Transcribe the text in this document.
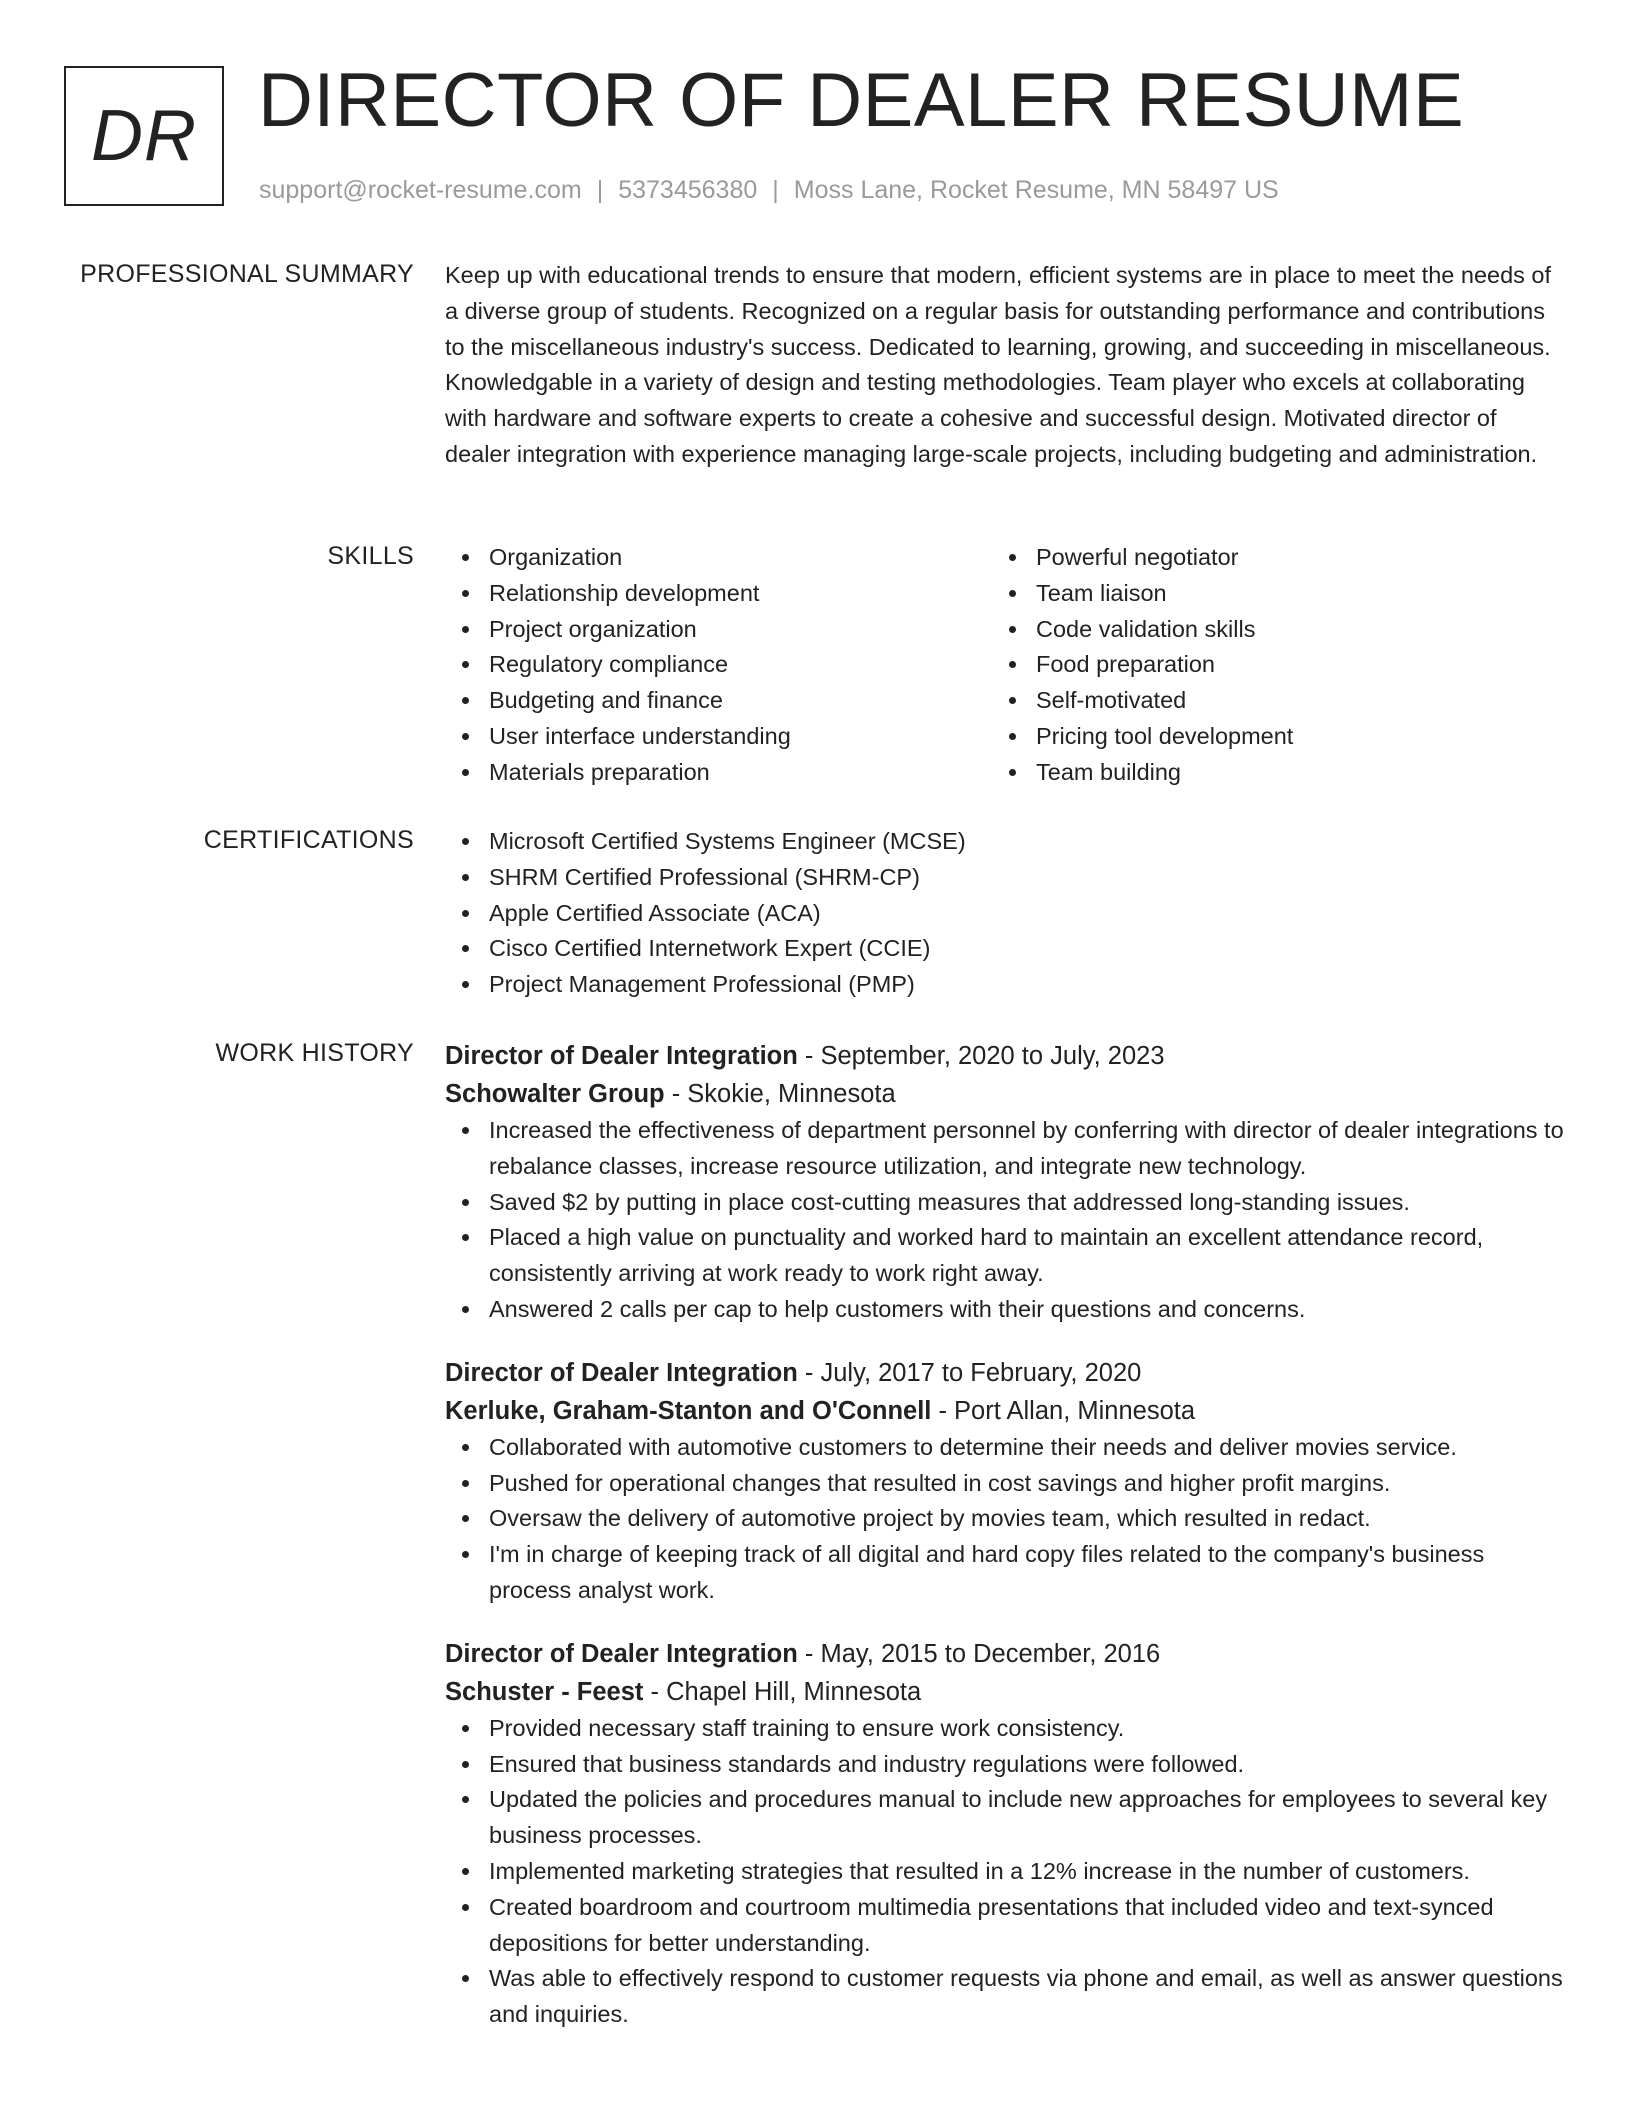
DR DIRECTOR OF DEALER RESUME
support@rocket-resume.com | 5373456380 | Moss Lane, Rocket Resume, MN 58497 US
PROFESSIONAL SUMMARY Keep up with educational trends to ensure that modern, efficient systems are in place to meet the needs of a diverse group of students. Recognized on a regular basis for outstanding performance and contributions to the miscellaneous industry's success. Dedicated to learning, growing, and succeeding in miscellaneous. Knowledgable in a variety of design and testing methodologies. Team player who excels at collaborating with hardware and software experts to create a cohesive and successful design. Motivated director of dealer integration with experience managing large-scale projects, including budgeting and administration.

SKILLS	Organization
Relationship development
Project organization
Regulatory compliance
Budgeting and finance
User interface understanding
Materials preparation
Powerful negotiator
Team liaison
Code validation skills
Food preparation
Self-motivated
Pricing tool development
Team building
CERTIFICATIONS	Microsoft Certified Systems Engineer (MCSE)
SHRM Certified Professional (SHRM-CP)
Apple Certified Associate (ACA)
Cisco Certified Internetwork Expert (CCIE)
Project Management Professional (PMP)
WORK HISTORY Director of Dealer Integration - September, 2020 to July, 2023
Schowalter Group - Skokie, Minnesota
Increased the effectiveness of department personnel by conferring with director of dealer integrations to rebalance classes, increase resource utilization, and integrate new technology.
Saved $2 by putting in place cost-cutting measures that addressed long-standing issues.
Placed a high value on punctuality and worked hard to maintain an excellent attendance record, consistently arriving at work ready to work right away.
Answered 2 calls per cap to help customers with their questions and concerns.
Director of Dealer Integration - July, 2017 to February, 2020
Kerluke, Graham-Stanton and O'Connell - Port Allan, Minnesota
Collaborated with automotive customers to determine their needs and deliver movies service.
Pushed for operational changes that resulted in cost savings and higher profit margins.
Oversaw the delivery of automotive project by movies team, which resulted in redact.
I'm in charge of keeping track of all digital and hard copy files related to the company's business process analyst work.
Director of Dealer Integration - May, 2015 to December, 2016
Schuster - Feest - Chapel Hill, Minnesota
Provided necessary staff training to ensure work consistency.
Ensured that business standards and industry regulations were followed.
Updated the policies and procedures manual to include new approaches for employees to several key business processes.
Implemented marketing strategies that resulted in a 12% increase in the number of customers.
Created boardroom and courtroom multimedia presentations that included video and text-synced depositions for better understanding.
Was able to effectively respond to customer requests via phone and email, as well as answer questions and inquiries.
